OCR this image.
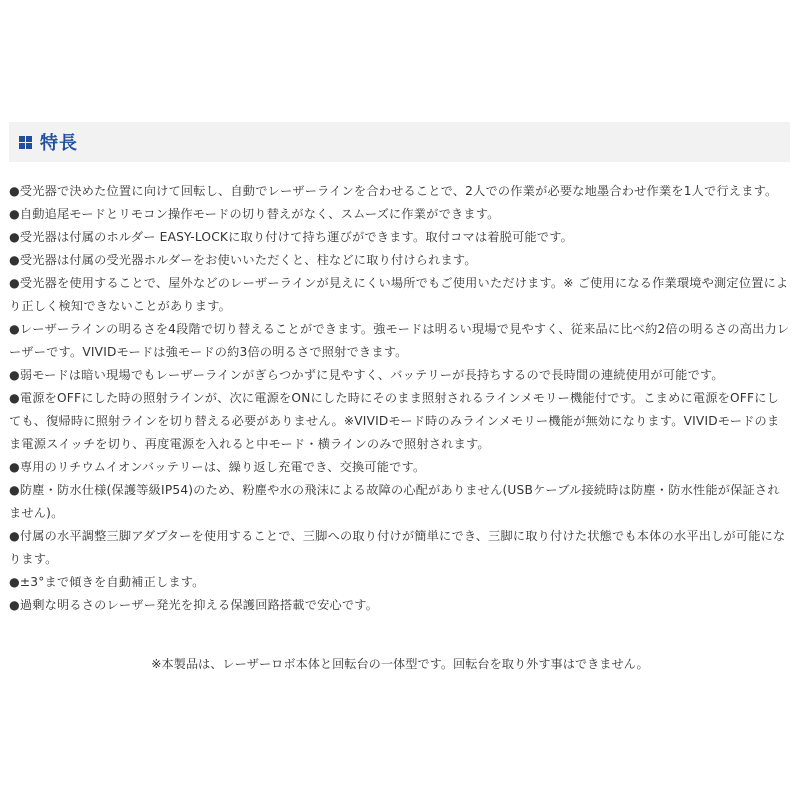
特長
●受光器で決めた位置に向けて回転し、自動でレーザーラインを合わせることで、2人での作業が必要な地墨合わせ作業を1人で行えます。
●自動追尾モードとリモコン操作モードの切り替えがなく、スムーズに作業ができます。
●受光器は付属のホルダー EASY-LOCKに取り付けて持ち運びができます。取付コマは着脱可能です。
●受光器は付属の受光器ホルダーをお使いいただくと、柱などに取り付けられます。
●受光器を使用することで、屋外などのレーザーラインが見えにくい場所でもご使用いただけます。※ ご使用になる作業環境や測定位置により正しく検知できないことがあります。
●レーザーラインの明るさを4段階で切り替えることができます。強モードは明るい現場で見やすく、従来品に比べ約2倍の明るさの高出力レーザーです。VIVIDモードは強モードの約3倍の明るさで照射できます。
●弱モードは暗い現場でもレーザーラインがぎらつかずに見やすく、バッテリーが長持ちするので長時間の連続使用が可能です。
●電源をOFFにした時の照射ラインが、次に電源をONにした時にそのまま照射されるラインメモリー機能付です。こまめに電源をOFFにしても、復帰時に照射ラインを切り替える必要がありません。※VIVIDモード時のみラインメモリー機能が無効になります。VIVIDモードのまま電源スイッチを切り、再度電源を入れると中モード・横ラインのみで照射されます。
●専用のリチウムイオンバッテリーは、繰り返し充電でき、交換可能です。
●防塵・防水仕様(保護等級IP54)のため、粉塵や水の飛沫による故障の心配がありません(USBケーブル接続時は防塵・防水性能が保証されません)。
●付属の水平調整三脚アダプターを使用することで、三脚への取り付けが簡単にでき、三脚に取り付けた状態でも本体の水平出しが可能になります。
●±3°まで傾きを自動補正します。
●過剰な明るさのレーザー発光を抑える保護回路搭載で安心です。
※本製品は、レーザーロボ本体と回転台の一体型です。回転台を取り外す事はできません。
